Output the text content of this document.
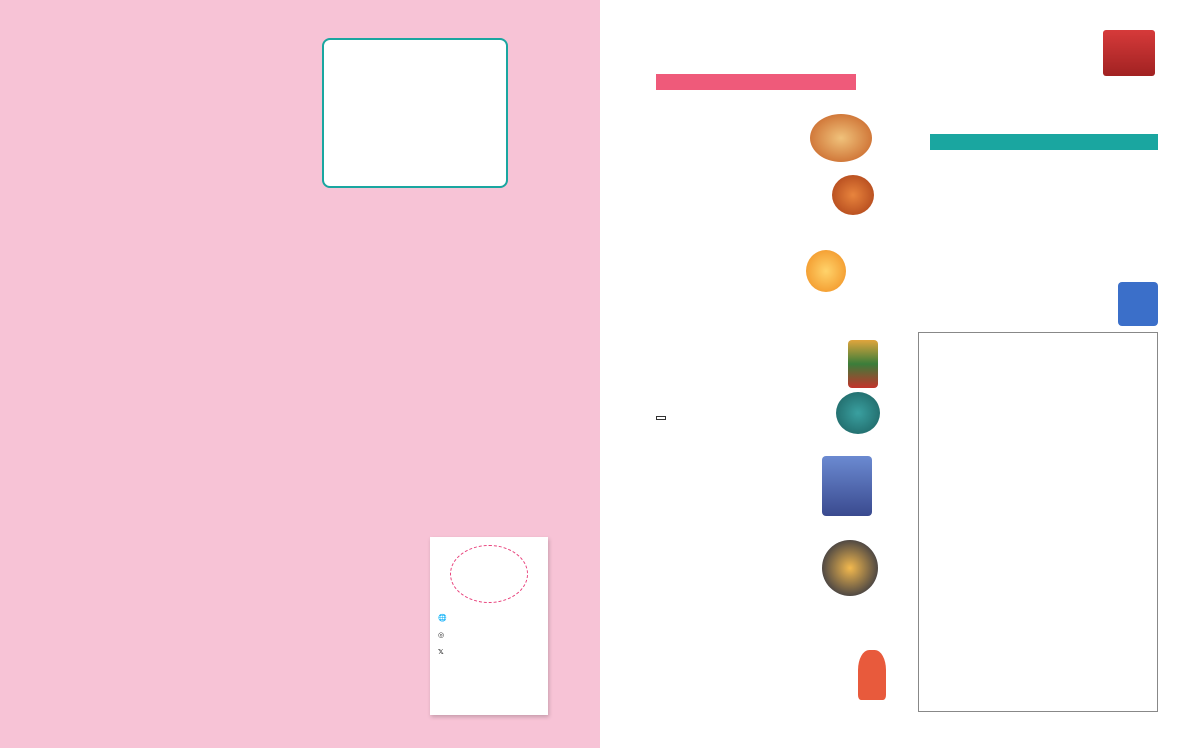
🌐
◎
𝕏
